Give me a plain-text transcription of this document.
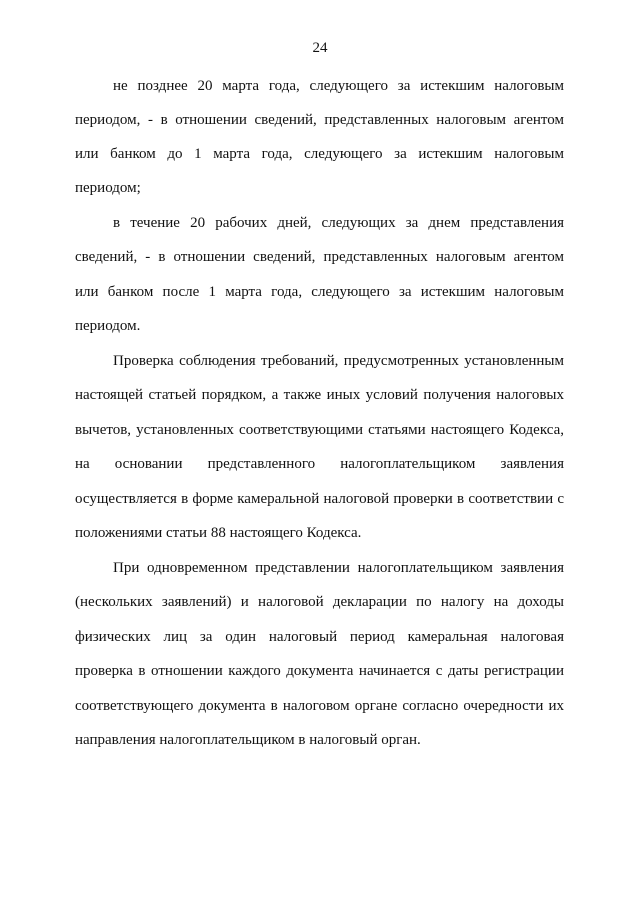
24
не позднее 20 марта года, следующего за истекшим налоговым
периодом, - в отношении сведений, представленных налоговым агентом
или банком до 1 марта года, следующего за истекшим налоговым
периодом;
в течение 20 рабочих дней, следующих за днем представления
сведений, - в отношении сведений, представленных налоговым агентом
или банком после 1 марта года, следующего за истекшим налоговым
периодом.
Проверка соблюдения требований, предусмотренных установленным
настоящей статьей порядком, а также иных условий получения налоговых
вычетов, установленных соответствующими статьями настоящего Кодекса,
на основании представленного налогоплательщиком заявления
осуществляется в форме камеральной налоговой проверки в соответствии с
положениями статьи 88 настоящего Кодекса.
При одновременном представлении налогоплательщиком заявления
(нескольких заявлений) и налоговой декларации по налогу на доходы
физических лиц за один налоговый период камеральная налоговая
проверка в отношении каждого документа начинается с даты регистрации
соответствующего документа в налоговом органе согласно очередности их
направления налогоплательщиком в налоговый орган.
